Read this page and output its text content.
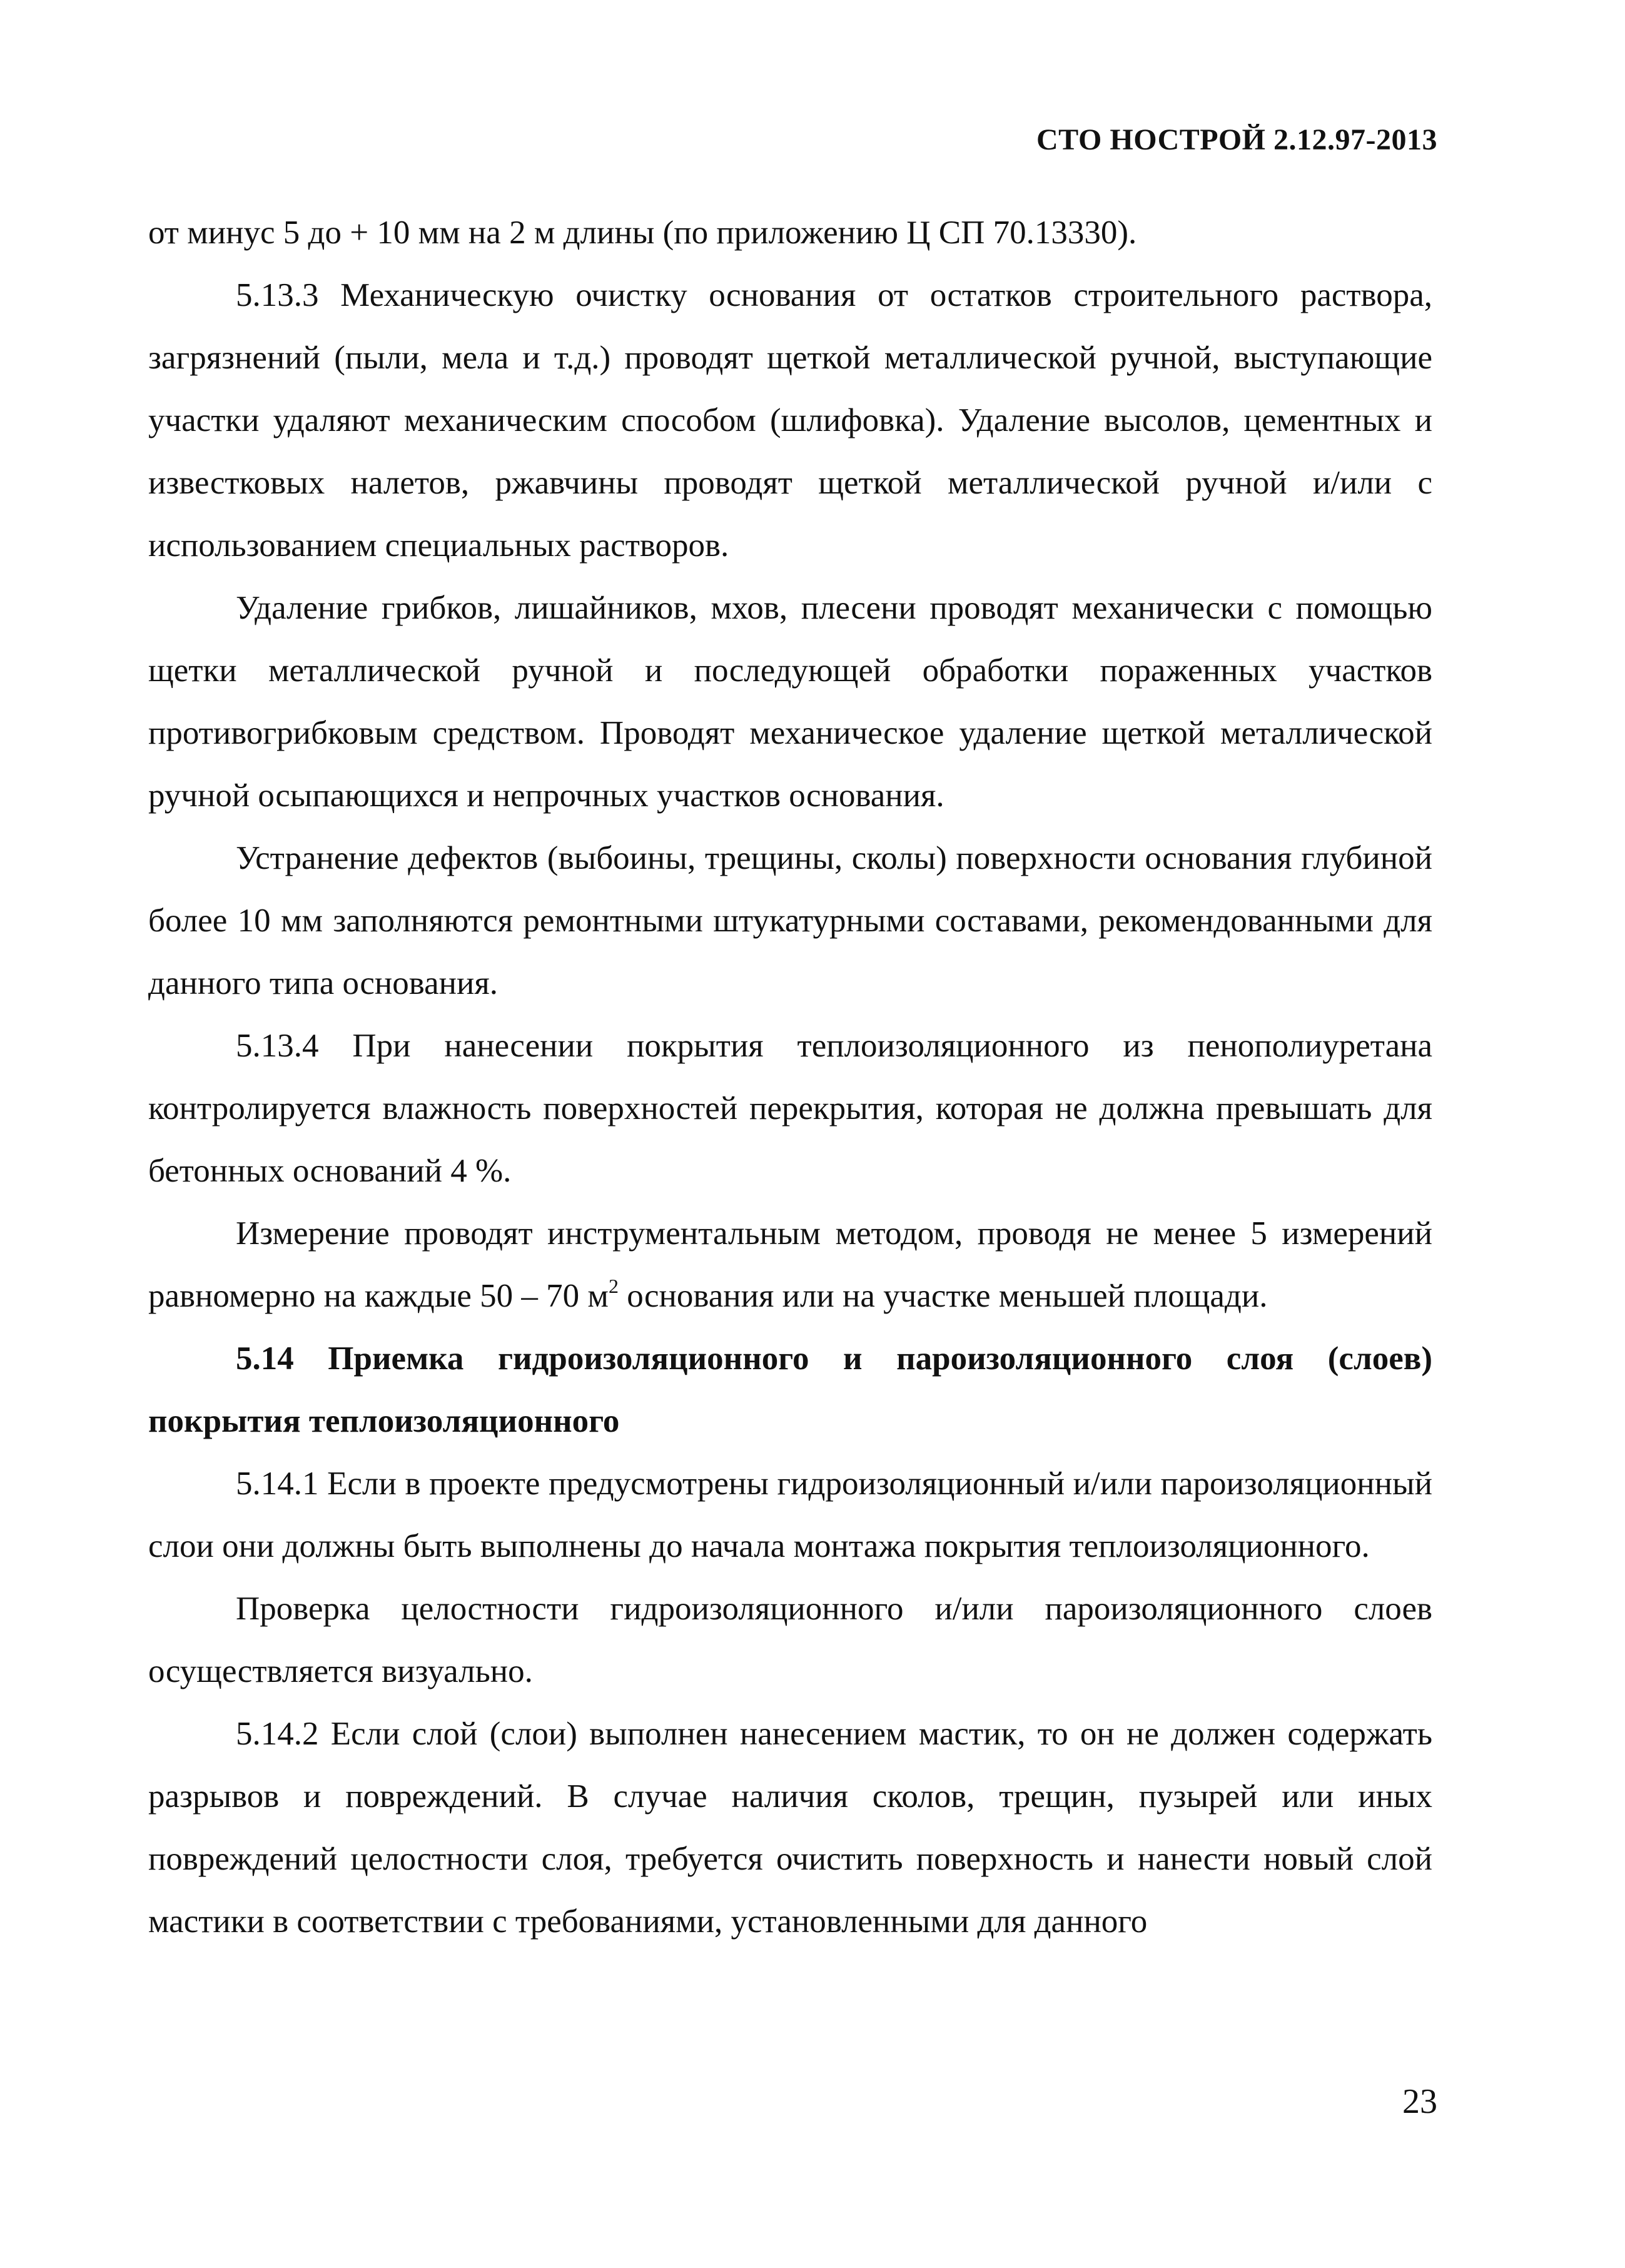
СТО НОСТРОЙ 2.12.97-2013

от минус 5 до + 10 мм на 2 м длины (по приложению Ц СП 70.13330).

5.13.3 Механическую очистку основания от остатков строительного раствора, загрязнений (пыли, мела и т.д.) проводят щеткой металлической ручной, выступающие участки удаляют механическим способом (шлифовка). Удаление высолов, цементных и известковых налетов, ржавчины проводят щеткой металлической ручной и/или с использованием специальных растворов.

Удаление грибков, лишайников, мхов, плесени проводят механически с помощью щетки металлической ручной и последующей обработки пораженных участков противогрибковым средством. Проводят механическое удаление щеткой металлической ручной осыпающихся и непрочных участков основания.

Устранение дефектов (выбоины, трещины, сколы) поверхности основания глубиной более 10 мм заполняются ремонтными штукатурными составами, рекомендованными для данного типа основания.

5.13.4 При нанесении покрытия теплоизоляционного из пенополиуретана контролируется влажность поверхностей перекрытия, которая не должна превышать для бетонных оснований 4 %.

Измерение проводят инструментальным методом, проводя не менее 5 измерений равномерно на каждые 50 – 70 $м^2$ основания или на участке меньшей площади.

5.14 Приемка гидроизоляционного и пароизоляционного слоя (слоев) покрытия теплоизоляционного

5.14.1 Если в проекте предусмотрены гидроизоляционный и/или пароизоляционный слои они должны быть выполнены до начала монтажа покрытия теплоизоляционного.

Проверка целостности гидроизоляционного и/или пароизоляционного слоев осуществляется визуально.

5.14.2 Если слой (слои) выполнен нанесением мастик, то он не должен содержать разрывов и повреждений. В случае наличия сколов, трещин, пузырей или иных повреждений целостности слоя, требуется очистить поверхность и нанести новый слой мастики в соответствии с требованиями, установленными для данного

23
